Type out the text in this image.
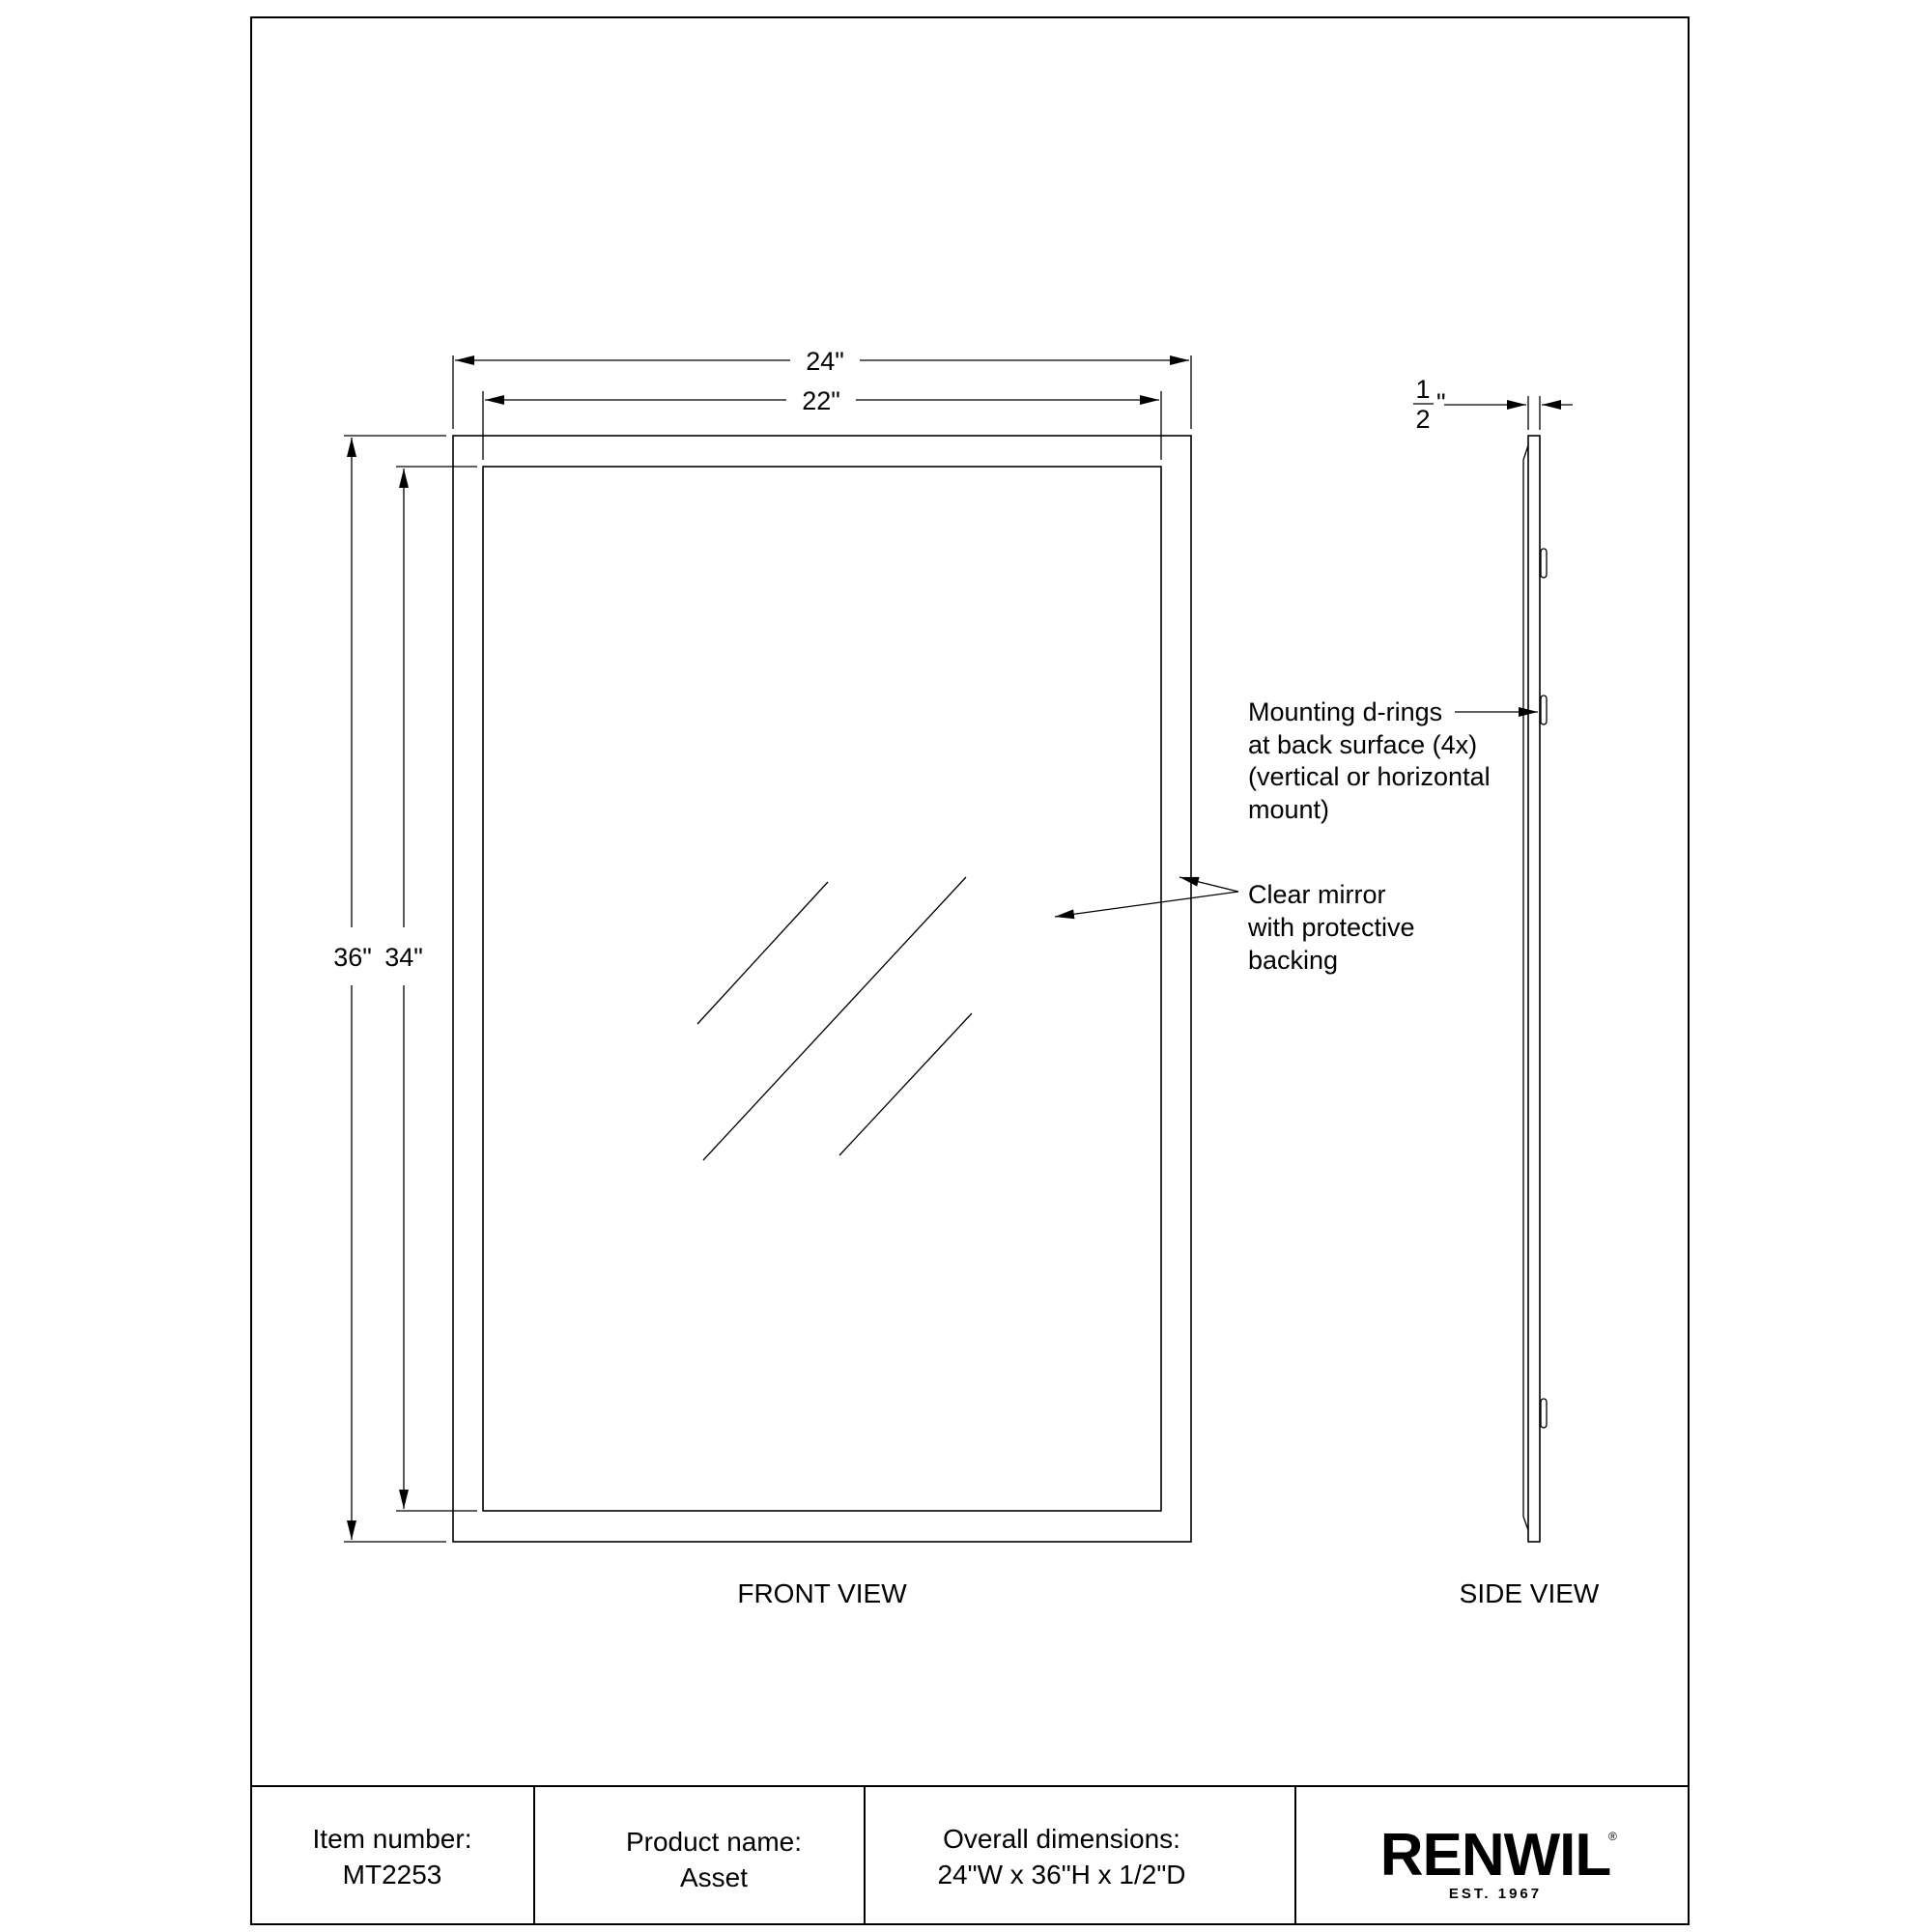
24"
22"
36" 34"
FRONT VIEW
Clear mirror
with protective
backing
1
2
"
SIDE VIEW
Mounting d-rings
at back surface (4x)
(vertical or horizontal
mount)
Item number:
MT2253
Product name:
Asset
Overall dimensions:
24"W x 36"H x 1/2"D	RENWIL
®
EST. 1967
